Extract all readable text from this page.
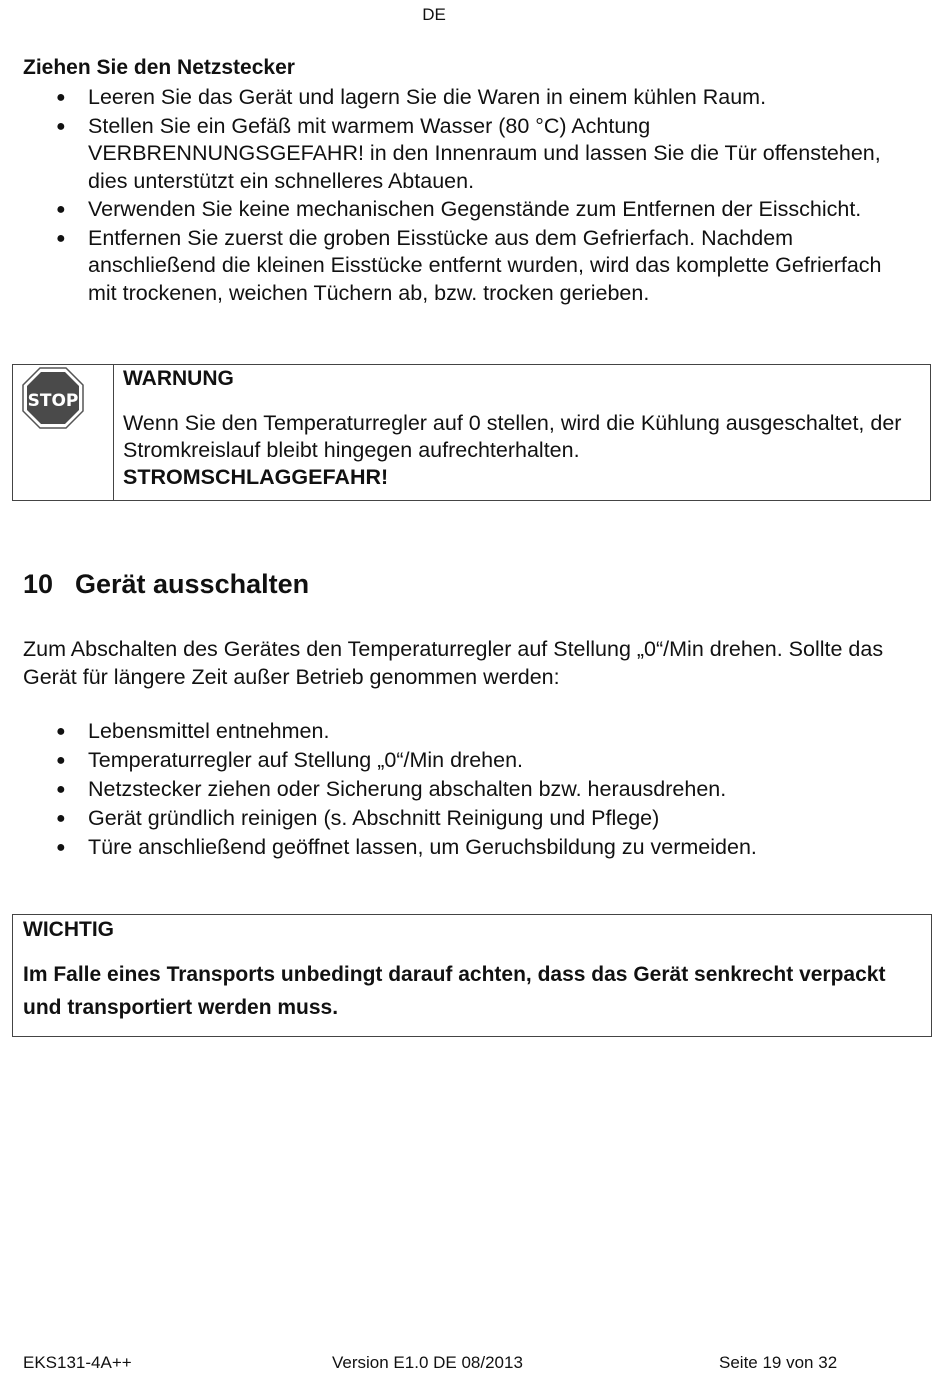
DE
Ziehen Sie den Netzstecker
● Leeren Sie das Gerät und lagern Sie die Waren in einem kühlen Raum.
● Stellen Sie ein Gefäß mit warmem Wasser (80 °C) Achtung VERBRENNUNGSGEFAHR! in den Innenraum und lassen Sie die Tür offenstehen, dies unterstützt ein schnelleres Abtauen.
● Verwenden Sie keine mechanischen Gegenstände zum Entfernen der Eisschicht.
● Entfernen Sie zuerst die groben Eisstücke aus dem Gefrierfach. Nachdem anschließend die kleinen Eisstücke entfernt wurden, wird das komplette Gefrierfach mit trockenen, weichen Tüchern ab, bzw. trocken gerieben.
STOP
WARNUNG

Wenn Sie den Temperaturregler auf 0 stellen, wird die Kühlung ausgeschaltet, der Stromkreislauf bleibt hingegen aufrechterhalten.
STROMSCHLAGGEFAHR!

10 Gerät ausschalten

Zum Abschalten des Gerätes den Temperaturregler auf Stellung „0“/Min drehen. Sollte das Gerät für längere Zeit außer Betrieb genommen werden:

● Lebensmittel entnehmen.
● Temperaturregler auf Stellung „0“/Min drehen.
● Netzstecker ziehen oder Sicherung abschalten bzw. herausdrehen.
● Gerät gründlich reinigen (s. Abschnitt Reinigung und Pflege)
● Türe anschließend geöffnet lassen, um Geruchsbildung zu vermeiden.
WICHTIG

Im Falle eines Transports unbedingt darauf achten, dass das Gerät senkrecht verpackt und transportiert werden muss.

EKS131-4A++	Version E1.0 DE 08/2013	Seite 19 von 32
